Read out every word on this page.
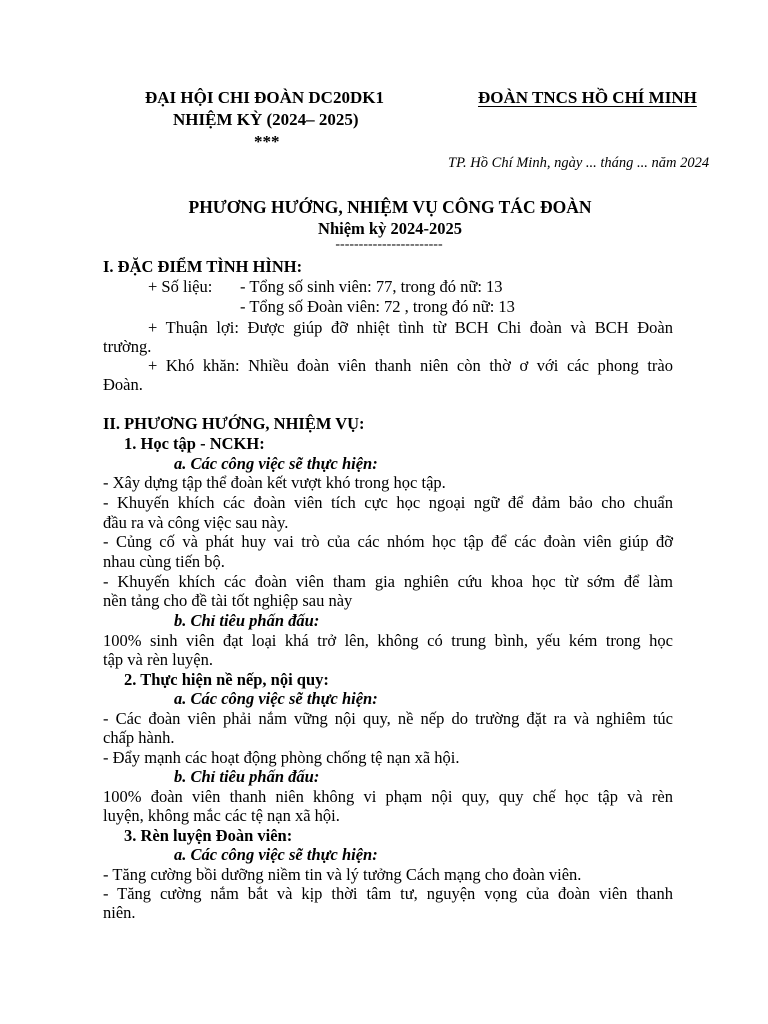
ĐẠI HỘI CHI ĐOÀN DC20DK1
NHIỆM KỲ (2024– 2025)
***
ĐOÀN TNCS HỒ CHÍ MINH
TP. Hồ Chí Minh, ngày ... tháng ... năm 2024
PHƯƠNG HƯỚNG, NHIỆM VỤ CÔNG TÁC ĐOÀN
Nhiệm kỳ 2024-2025
-----------------------
I. ĐẶC ĐIỂM TÌNH HÌNH:
+ Số liệu: - Tổng số sinh viên: 77, trong đó nữ: 13
- Tổng số Đoàn viên: 72 , trong đó nữ: 13
+ Thuận lợi: Được giúp đỡ nhiệt tình từ BCH Chi đoàn và BCH Đoàn
trường.
+ Khó khăn: Nhiều đoàn viên thanh niên còn thờ ơ với các phong trào
Đoàn.
II. PHƯƠNG HƯỚNG, NHIỆM VỤ:
1. Học tập - NCKH:
a. Các công việc sẽ thực hiện:
- Xây dựng tập thể đoàn kết vượt khó trong học tập.
- Khuyến khích các đoàn viên tích cực học ngoại ngữ để đảm bảo cho chuẩn
đầu ra và công việc sau này.
- Củng cố và phát huy vai trò của các nhóm học tập để các đoàn viên giúp đỡ
nhau cùng tiến bộ.
- Khuyến khích các đoàn viên tham gia nghiên cứu khoa học từ sớm để làm
nền tảng cho đề tài tốt nghiệp sau này
b. Chỉ tiêu phấn đấu:
100% sinh viên đạt loại khá trở lên, không có trung bình, yếu kém trong học
tập và rèn luyện.
2. Thực hiện nề nếp, nội quy:
a. Các công việc sẽ thực hiện:
- Các đoàn viên phải nắm vững nội quy, nề nếp do trường đặt ra và nghiêm túc
chấp hành.
- Đẩy mạnh các hoạt động phòng chống tệ nạn xã hội.
b. Chỉ tiêu phấn đấu:
100% đoàn viên thanh niên không vi phạm nội quy, quy chế học tập và rèn
luyện, không mắc các tệ nạn xã hội.
3. Rèn luyện Đoàn viên:
a. Các công việc sẽ thực hiện:
- Tăng cường bồi dưỡng niềm tin và lý tưởng Cách mạng cho đoàn viên.
- Tăng cường nắm bắt và kịp thời tâm tư, nguyện vọng của đoàn viên thanh
niên.
